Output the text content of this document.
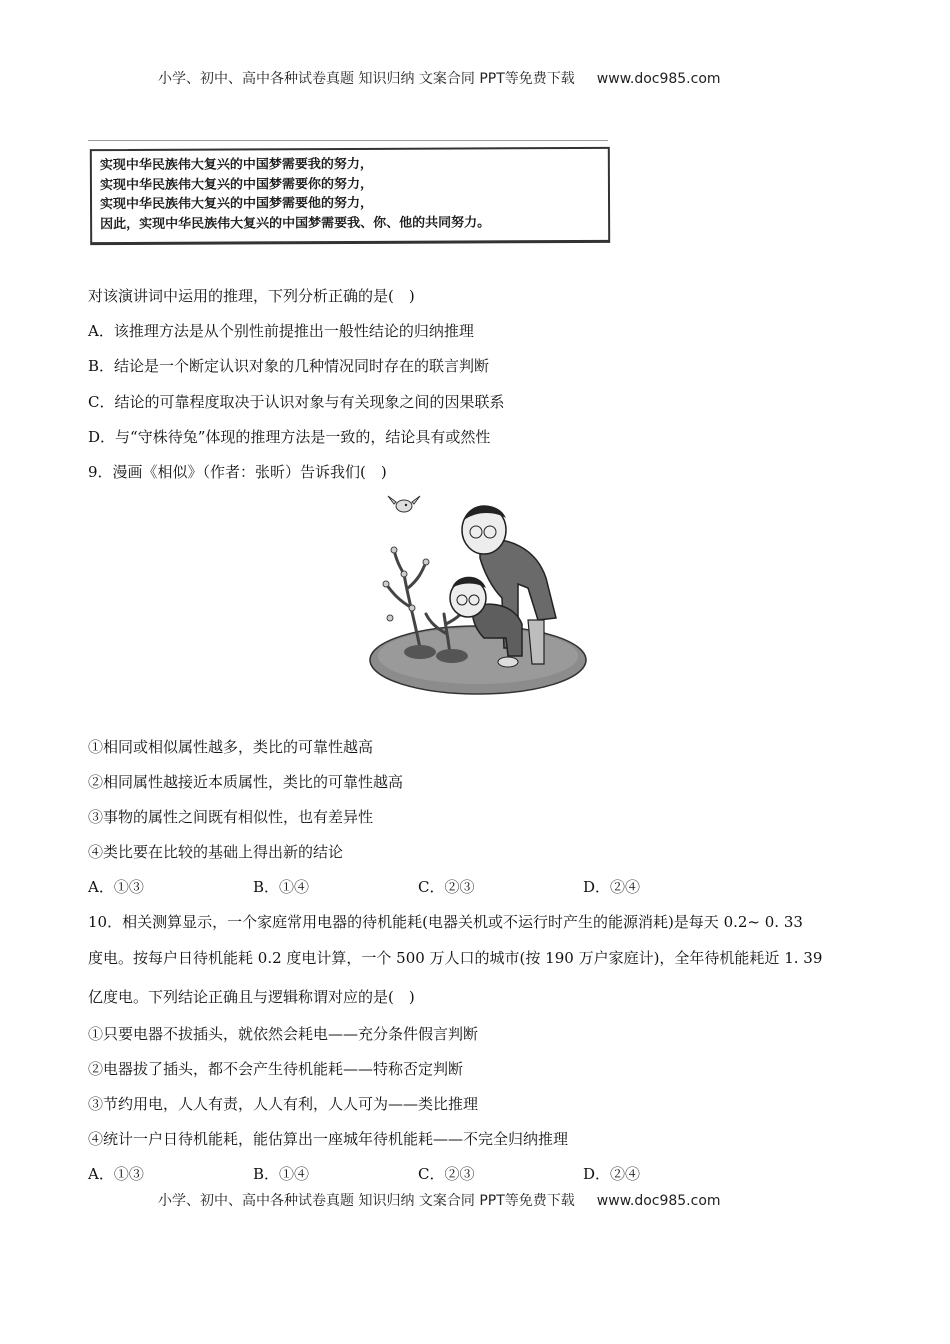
小学、初中、高中各种试卷真题 知识归纳 文案合同 PPT等免费下载 www.doc985.com
实现中华民族伟大复兴的中国梦需要我的努力，
实现中华民族伟大复兴的中国梦需要你的努力，
实现中华民族伟大复兴的中国梦需要他的努力，
因此，实现中华民族伟大复兴的中国梦需要我、你、他的共同努力。
对该演讲词中运用的推理，下列分析正确的是(　)
A．该推理方法是从个别性前提推出一般性结论的归纳推理
B．结论是一个断定认识对象的几种情况同时存在的联言判断
C．结论的可靠程度取决于认识对象与有关现象之间的因果联系
D．与“守株待兔”体现的推理方法是一致的，结论具有或然性
9．漫画《相似》（作者：张昕）告诉我们(　)
①相同或相似属性越多，类比的可靠性越高
②相同属性越接近本质属性，类比的可靠性越高
③事物的属性之间既有相似性，也有差异性
④类比要在比较的基础上得出新的结论
A．①③	B．①④	C．②③	D．②④
10．相关测算显示，一个家庭常用电器的待机能耗(电器关机或不运行时产生的能源消耗)是每天 0.2~ 0. 33
度电。按每户日待机能耗 0.2 度电计算，一个 500 万人口的城市(按 190 万户家庭计)，全年待机能耗近 1. 39
亿度电。下列结论正确且与逻辑称谓对应的是(　)
①只要电器不拔插头，就依然会耗电——充分条件假言判断
②电器拔了插头，都不会产生待机能耗——特称否定判断
③节约用电，人人有责，人人有利，人人可为——类比推理
④统计一户日待机能耗，能估算出一座城年待机能耗——不完全归纳推理
A．①③	B．①④	C．②③	D．②④
小学、初中、高中各种试卷真题 知识归纳 文案合同 PPT等免费下载 www.doc985.com
